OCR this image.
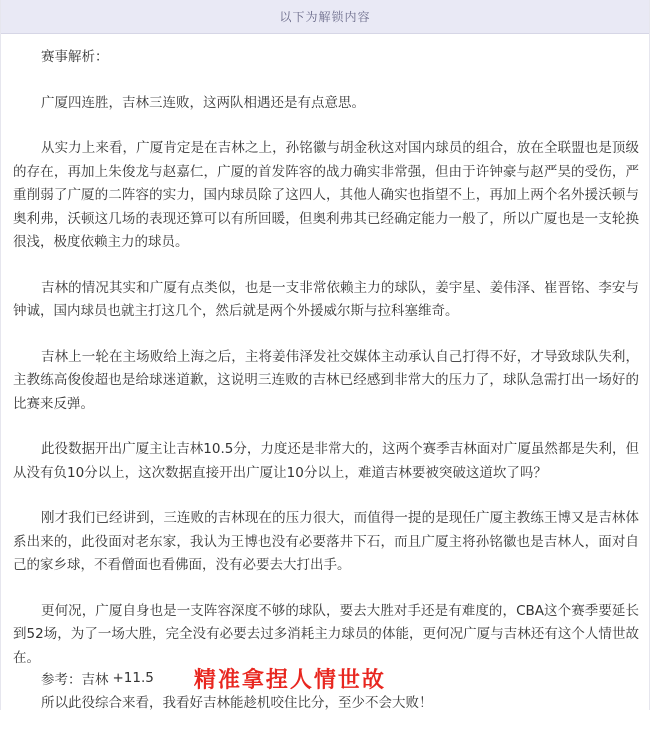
以下为解锁内容

赛事解析：

广厦四连胜，吉林三连败，这两队相遇还是有点意思。

从实力上来看，广厦肯定是在吉林之上，孙铭徽与胡金秋这对国内球员的组合，放在全联盟也是顶级的存在，再加上朱俊龙与赵嘉仁，广厦的首发阵容的战力确实非常强，但由于许钟豪与赵严昊的受伤，严重削弱了广厦的二阵容的实力，国内球员除了这四人，其他人确实也指望不上，再加上两个名外援沃顿与奥利弗，沃顿这几场的表现还算可以有所回暖，但奥利弗其已经确定能力一般了，所以广厦也是一支轮换很浅，极度依赖主力的球员。

吉林的情况其实和广厦有点类似，也是一支非常依赖主力的球队，姜宇星、姜伟泽、崔晋铭、李安与钟诚，国内球员也就主打这几个，然后就是两个外援威尔斯与拉科塞维奇。

吉林上一轮在主场败给上海之后，主将姜伟泽发社交媒体主动承认自己打得不好，才导致球队失利，主教练高俊俊超也是给球迷道歉，这说明三连败的吉林已经感到非常大的压力了，球队急需打出一场好的比赛来反弹。

此役数据开出广厦主让吉林10.5分，力度还是非常大的，这两个赛季吉林面对广厦虽然都是失利，但从没有负10分以上，这次数据直接开出广厦让10分以上，难道吉林要被突破这道坎了吗？

刚才我们已经讲到，三连败的吉林现在的压力很大，而值得一提的是现任广厦主教练王博又是吉林体系出来的，此役面对老东家，我认为王博也没有必要落井下石，而且广厦主将孙铭徽也是吉林人，面对自己的家乡球，不看僧面也看佛面，没有必要去大打出手。

更何况，广厦自身也是一支阵容深度不够的球队，要去大胜对手还是有难度的，CBA这个赛季要延长到52场，为了一场大胜，完全没有必要去过多消耗主力球员的体能，更何况广厦与吉林还有这个人情世故在。

所以此役综合来看，我看好吉林能趁机咬住比分，至少不会大败！

参考：吉林 +11.5 精准拿捏人情世故
